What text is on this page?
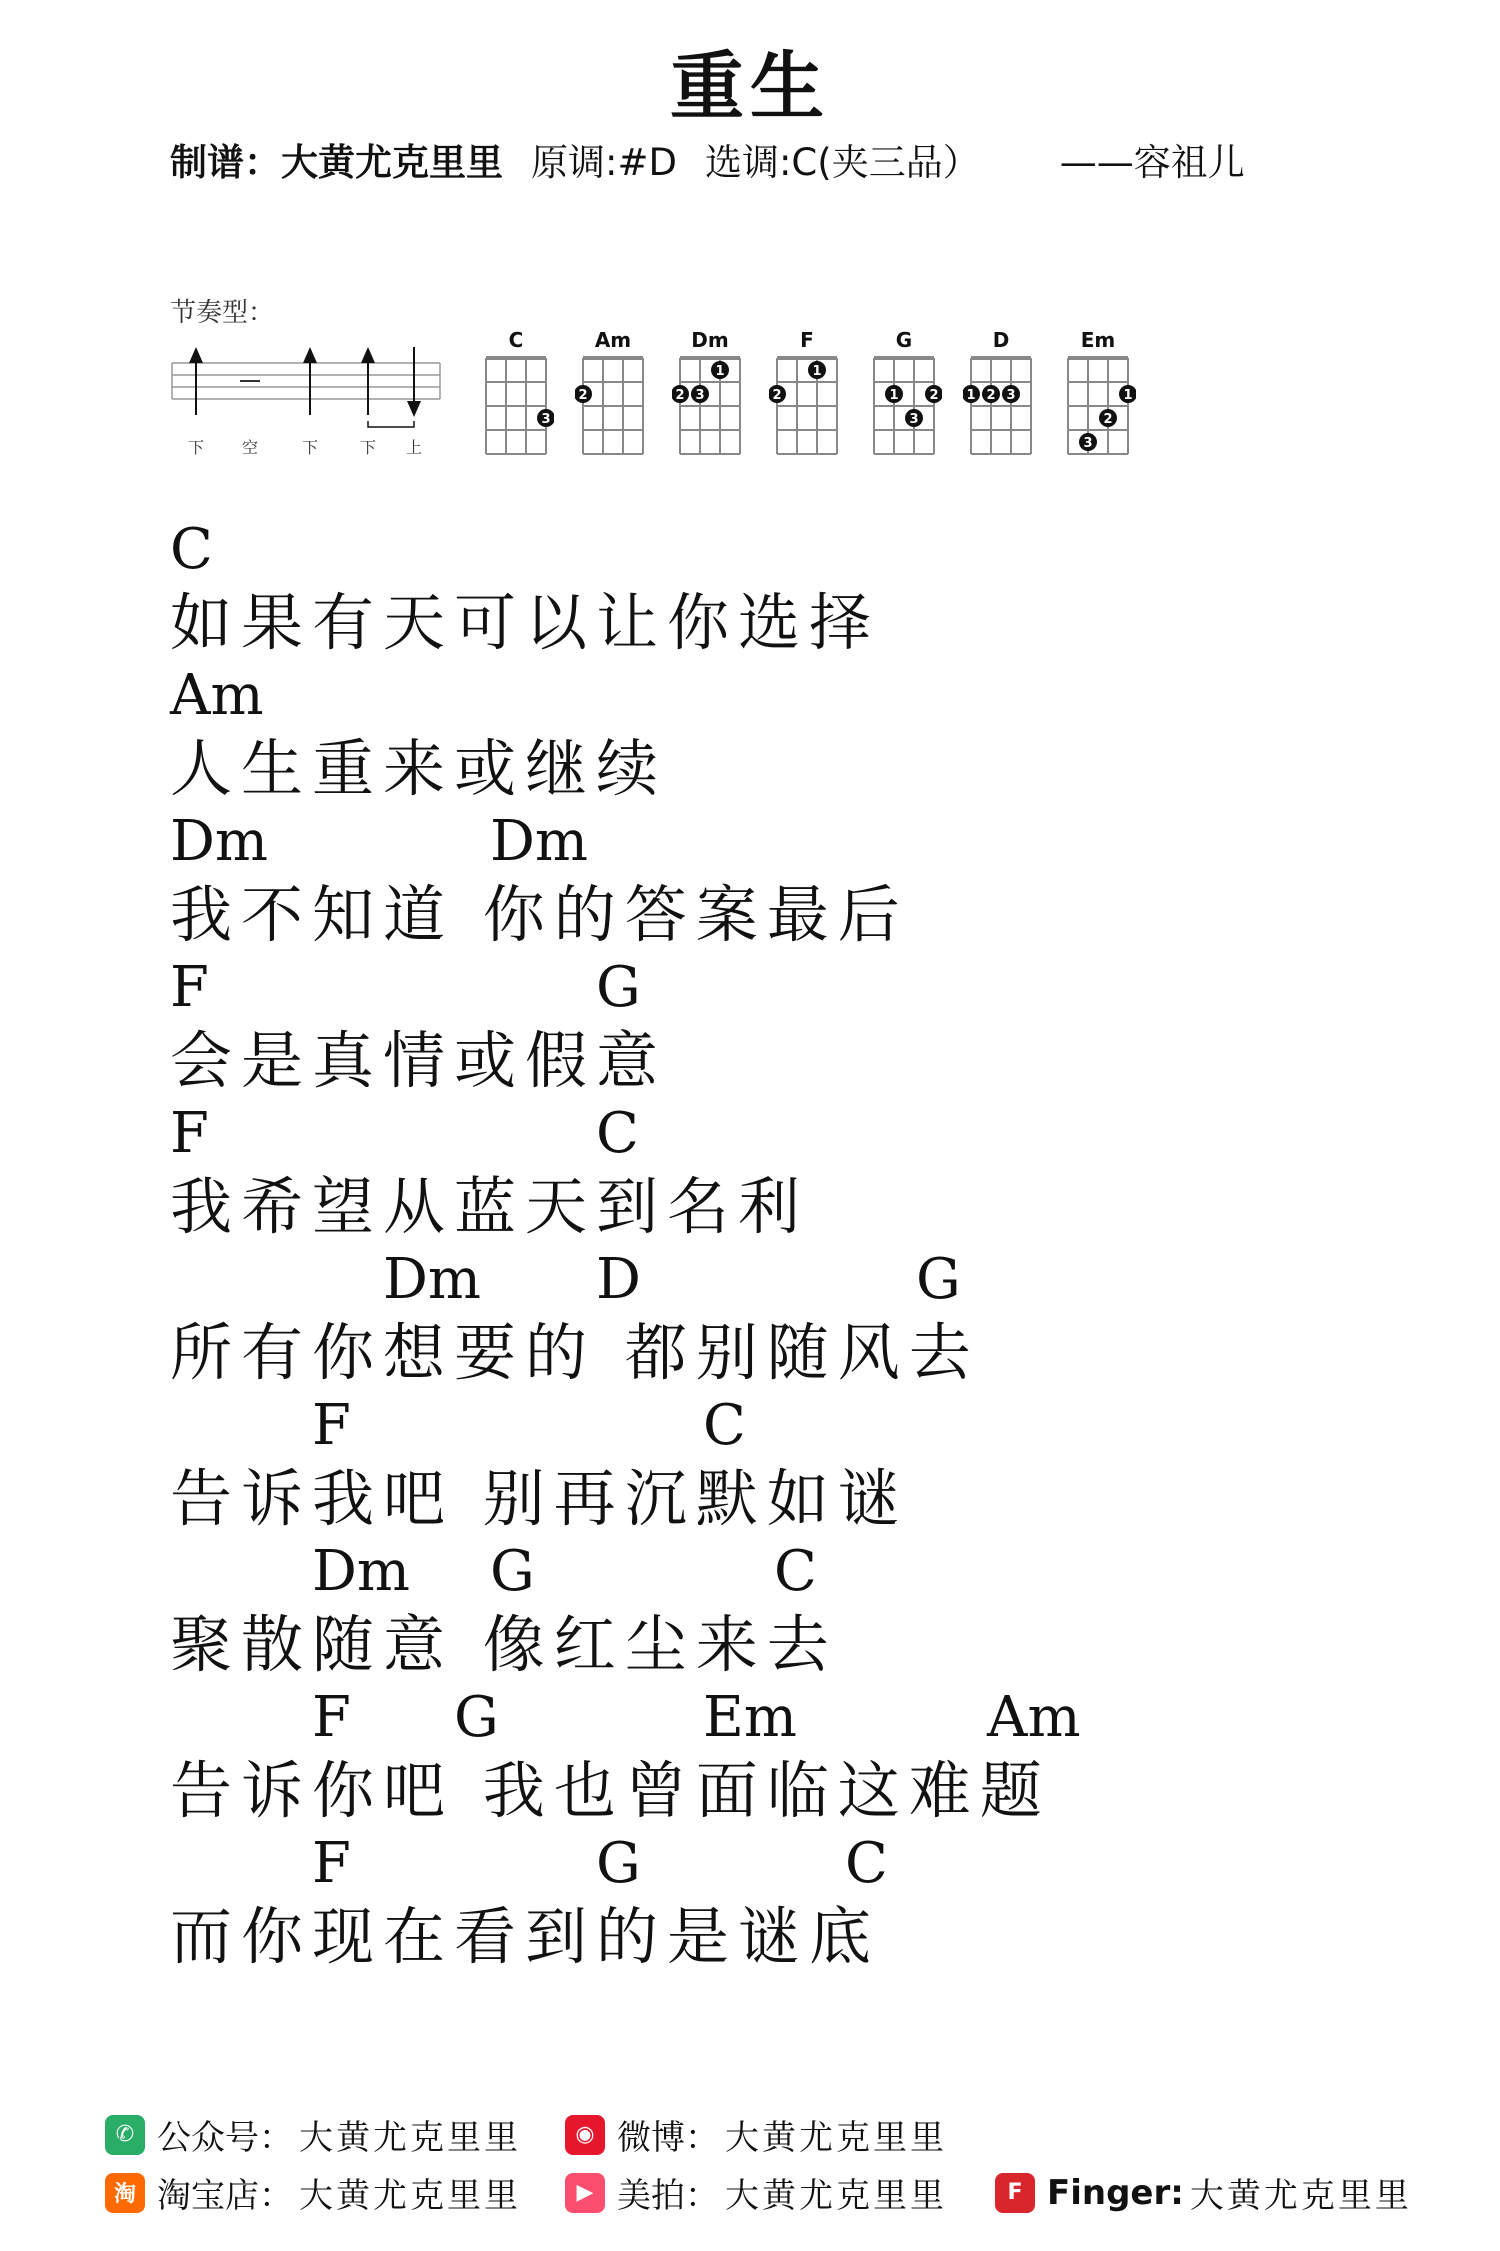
重生
制谱：大黄尤克里里 原调:#D 选调:C(夹三品） ——容祖儿
节奏型：
下 空	下	下 上
C
3
Am
2
Dm
2 3
1
F
2
1
G
1 2
3
D
1 2 3
Em
1
2
3
C
如果有天可以让你选择
Am
人生重来或继续
Dm	Dm
我不知道 你的答案最后
F	G
会是真情或假意
F	C
我希望从蓝天到名利
Dm D	G
所有你想要的 都别随风去
F	C
告诉我吧 别再沉默如谜
Dm G	C
聚散随意 像红尘来去
F G	Em	Am
告诉你吧 我也曾面临这难题
F	G	C
而你现在看到的是谜底
✆ 公众号： 大黄尤克里里	◉ 微博： 大黄尤克里里
淘 淘宝店： 大黄尤克里里	▶ 美拍： 大黄尤克里里	F Finger: 大黄尤克里里
